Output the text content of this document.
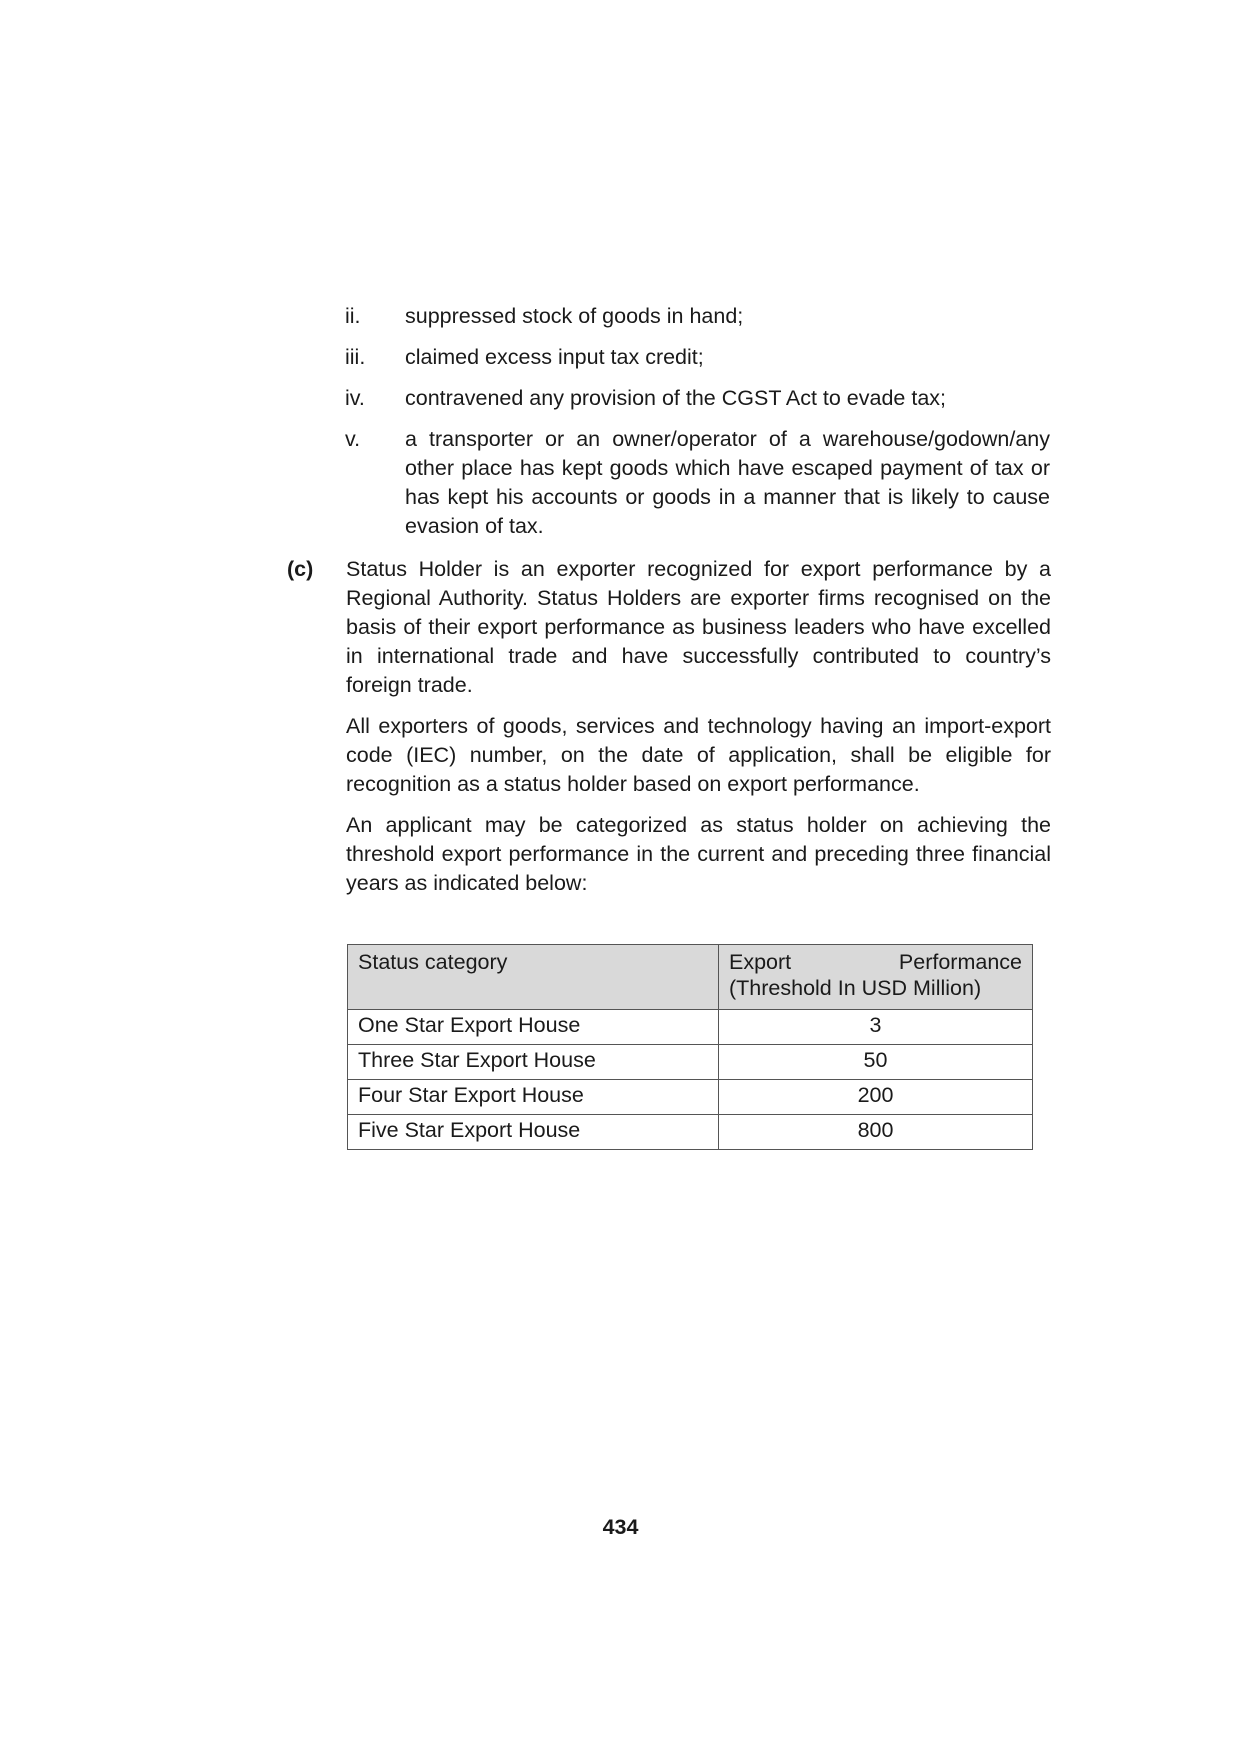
ii.	suppressed stock of goods in hand;
iii.	claimed excess input tax credit;
iv.	contravened any provision of the CGST Act to evade tax;
v.	a transporter or an owner/operator of a warehouse/godown/any other place has kept goods which have escaped payment of tax or has kept his accounts or goods in a manner that is likely to cause evasion of tax.
(c)	Status Holder is an exporter recognized for export performance by a Regional Authority. Status Holders are exporter firms recognised on the basis of their export performance as business leaders who have excelled in international trade and have successfully contributed to country’s foreign trade.

All exporters of goods, services and technology having an import-export code (IEC) number, on the date of application, shall be eligible for recognition as a status holder based on export performance.

An applicant may be categorized as status holder on achieving the threshold export performance in the current and preceding three financial years as indicated below:

Status category	Export Performance (Threshold In USD Million)
One Star Export House	3
Three Star Export House	50
Four Star Export House	200
Five Star Export House	800
434
